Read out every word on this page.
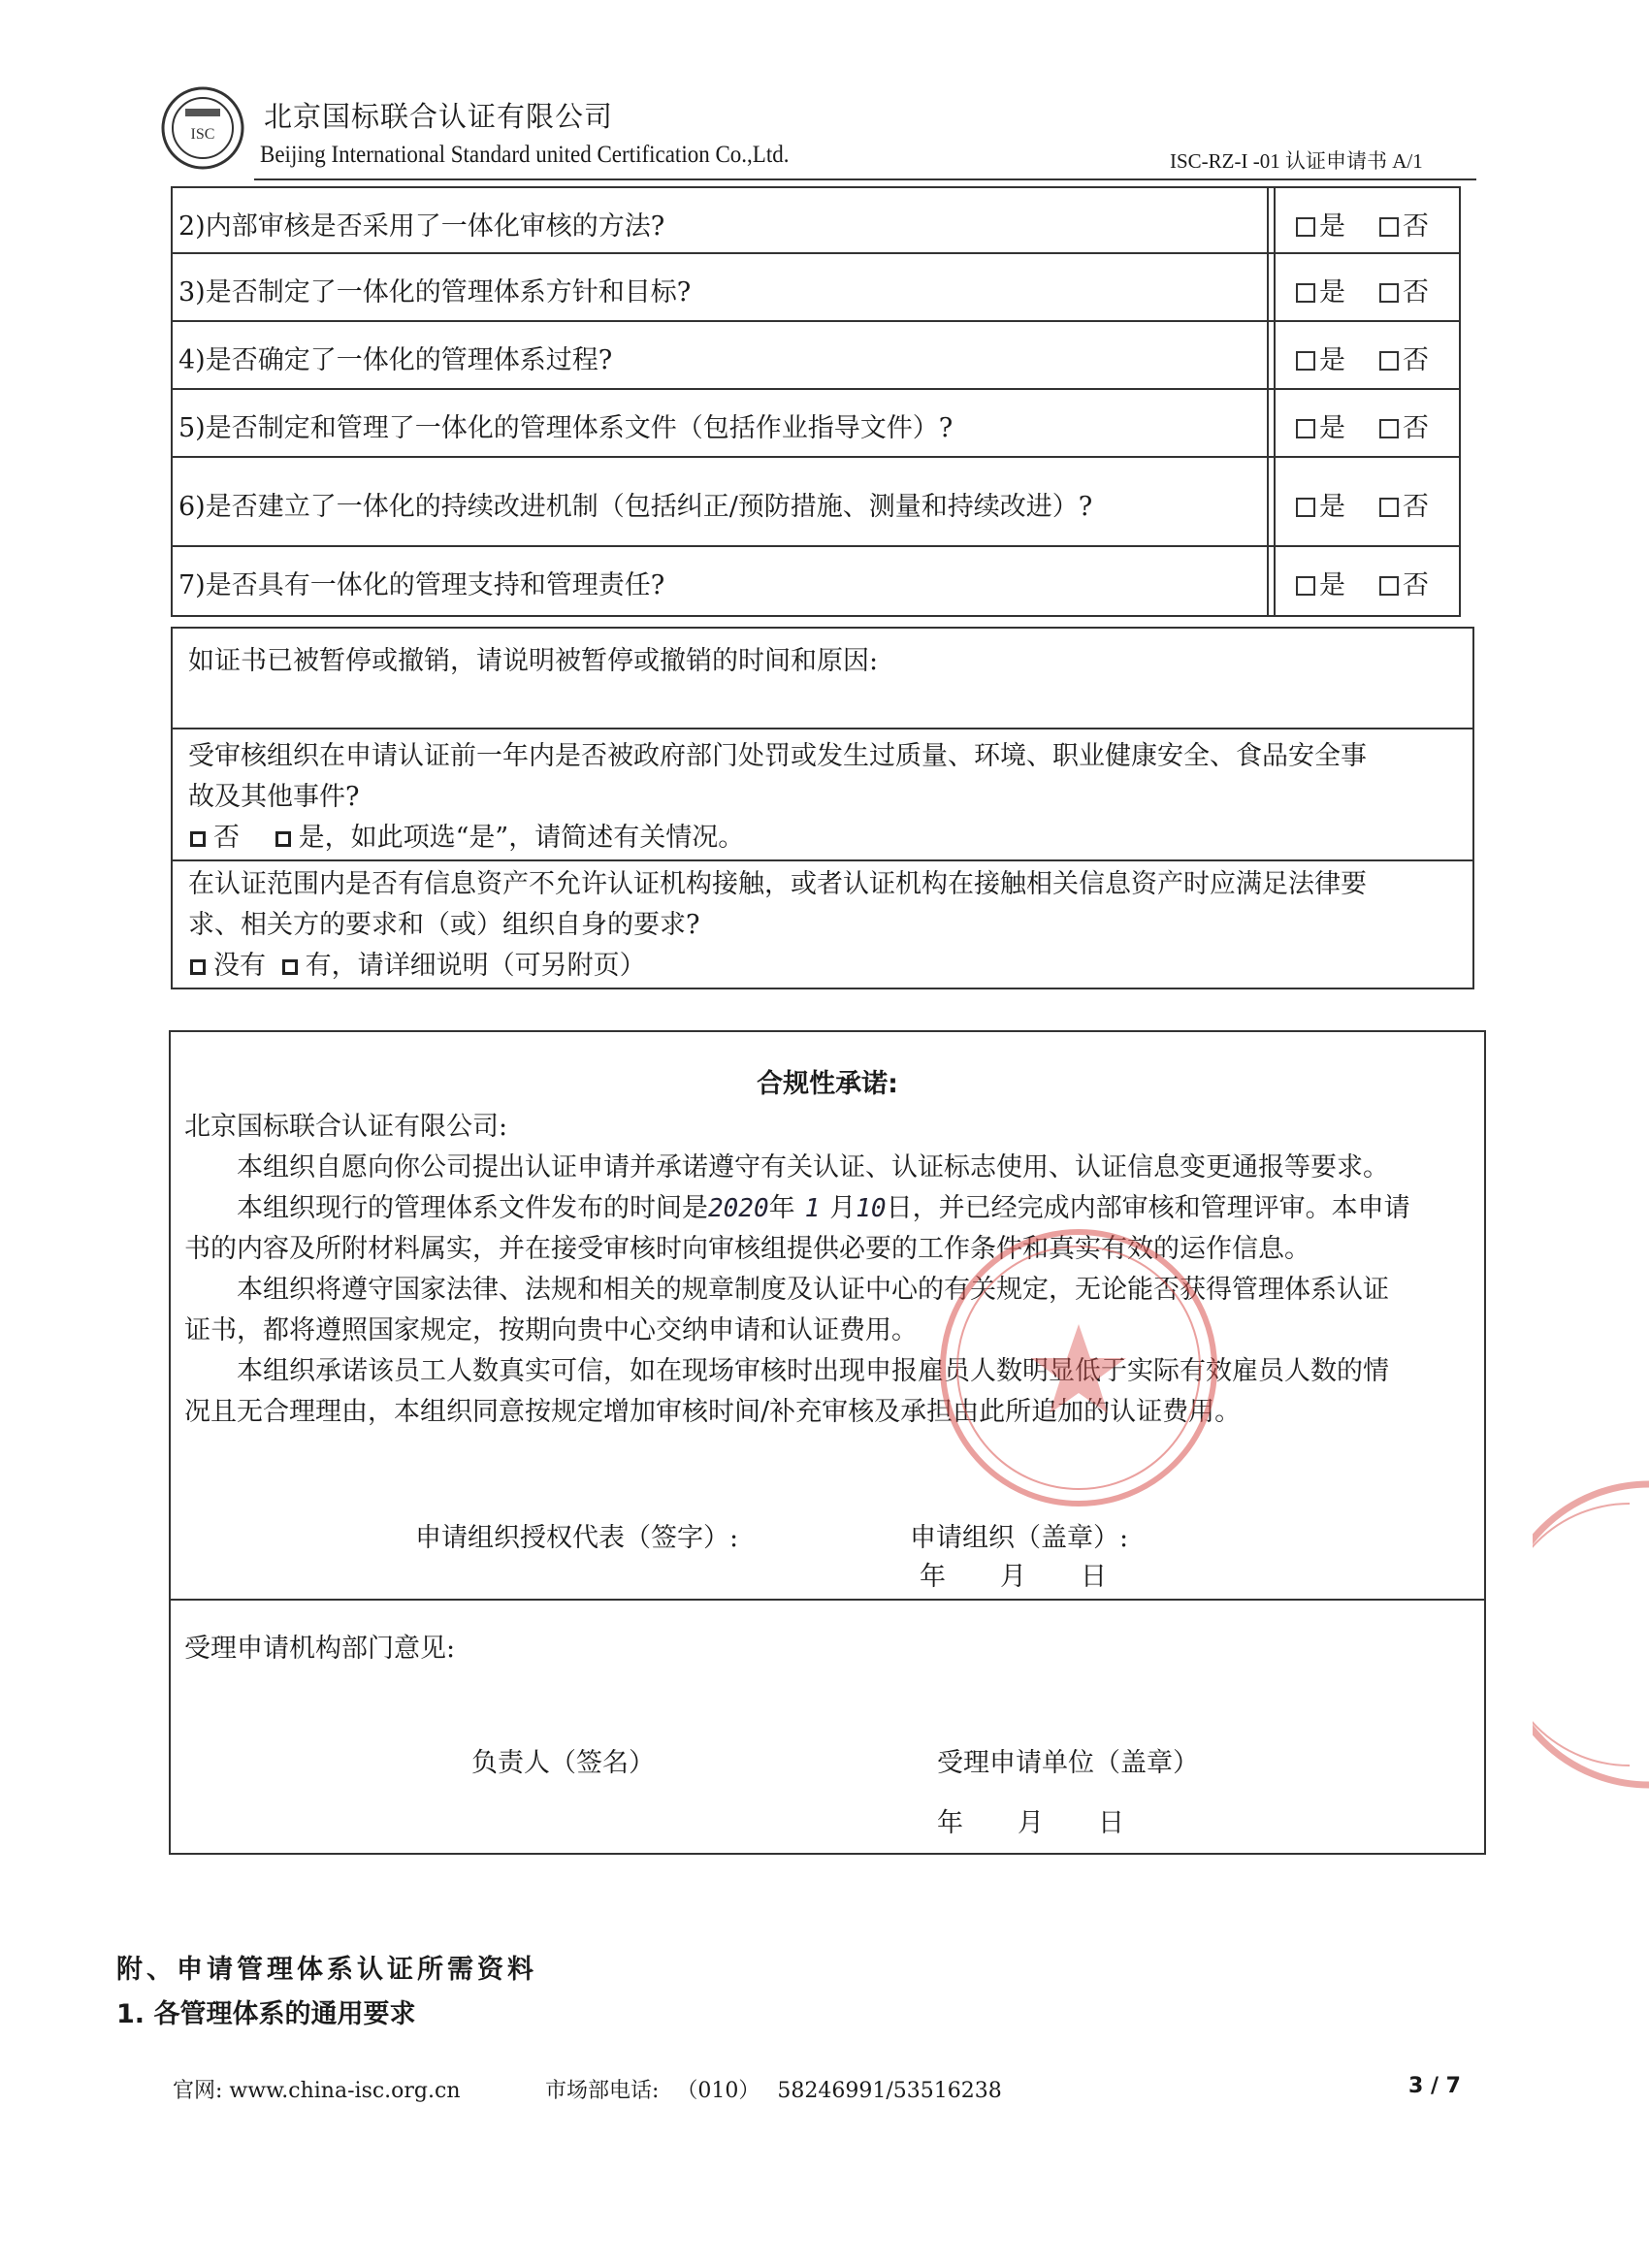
ISC
北京国标联合认证有限公司
Beijing International Standard united Certification Co.,Ltd.	ISC-RZ-I -01 认证申请书 A/1
2)内部审核是否采用了一体化审核的方法?	是	否
3)是否制定了一体化的管理体系方针和目标?	是	否
4)是否确定了一体化的管理体系过程?	是	否
5)是否制定和管理了一体化的管理体系文件（包括作业指导文件）?	是	否
6)是否建立了一体化的持续改进机制（包括纠正/预防措施、测量和持续改进）?	是	否
7)是否具有一体化的管理支持和管理责任?	是	否
如证书已被暂停或撤销，请说明被暂停或撤销的时间和原因:
受审核组织在申请认证前一年内是否被政府部门处罚或发生过质量、环境、职业健康安全、食品安全事
故及其他事件?
否 是，如此项选“是”，请简述有关情况。
在认证范围内是否有信息资产不允许认证机构接触，或者认证机构在接触相关信息资产时应满足法律要
求、相关方的要求和（或）组织自身的要求?
没有 有，请详细说明（可另附页）
合规性承诺:
北京国标联合认证有限公司:
本组织自愿向你公司提出认证申请并承诺遵守有关认证、认证标志使用、认证信息变更通报等要求。
本组织现行的管理体系文件发布的时间是2020年 1 月10日，并已经完成内部审核和管理评审。本申请
书的内容及所附材料属实，并在接受审核时向审核组提供必要的工作条件和真实有效的运作信息。
本组织将遵守国家法律、法规和相关的规章制度及认证中心的有关规定，无论能否获得管理体系认证
证书，都将遵照国家规定，按期向贵中心交纳申请和认证费用。
本组织承诺该员工人数真实可信，如在现场审核时出现申报雇员人数明显低于实际有效雇员人数的情
况且无合理理由，本组织同意按规定增加审核时间/补充审核及承担由此所追加的认证费用。
申请组织授权代表（签字）:	申请组织（盖章）:
年 月 日
受理申请机构部门意见:
负责人（签名）	受理申请单位（盖章）
年 月 日
附、申请管理体系认证所需资料
1. 各管理体系的通用要求
官网: www.china-isc.org.cn	市场部电话: （010） 58246991/53516238	3 / 7
